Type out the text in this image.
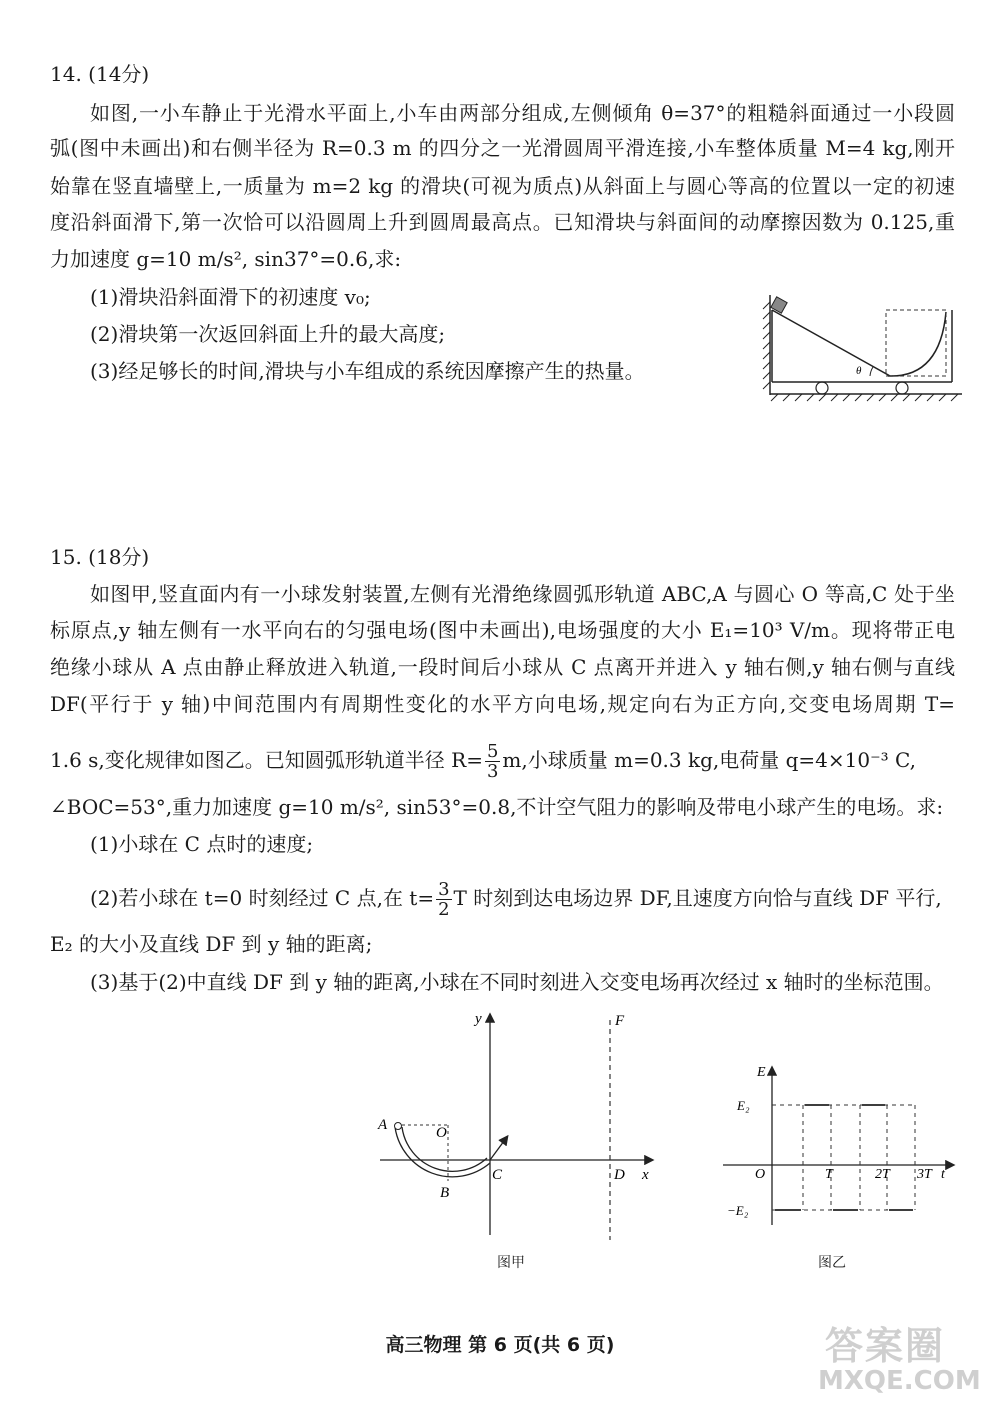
14. (14分)
如图,一小车静止于光滑水平面上,小车由两部分组成,左侧倾角 θ=37°的粗糙斜面通过一小段圆
弧(图中未画出)和右侧半径为 R=0.3 m 的四分之一光滑圆周平滑连接,小车整体质量 M=4 kg,刚开
始靠在竖直墙壁上,一质量为 m=2 kg 的滑块(可视为质点)从斜面上与圆心等高的位置以一定的初速
度沿斜面滑下,第一次恰可以沿圆周上升到圆周最高点。已知滑块与斜面间的动摩擦因数为 0.125,重
力加速度 g=10 m/s², sin37°=0.6,求:
(1)滑块沿斜面滑下的初速度 v₀;
(2)滑块第一次返回斜面上升的最大高度;
(3)经足够长的时间,滑块与小车组成的系统因摩擦产生的热量。	θ
15. (18分)
如图甲,竖直面内有一小球发射装置,左侧有光滑绝缘圆弧形轨道 ABC,A 与圆心 O 等高,C 处于坐
标原点,y 轴左侧有一水平向右的匀强电场(图中未画出),电场强度的大小 E₁=10³ V/m。现将带正电
绝缘小球从 A 点由静止释放进入轨道,一段时间后小球从 C 点离开并进入 y 轴右侧,y 轴右侧与直线
DF(平行于 y 轴)中间范围内有周期性变化的水平方向电场,规定向右为正方向,交变电场周期 T=
1.6 s,变化规律如图乙。已知圆弧形轨道半径 $R= \frac{5}{3} m$,小球质量 m=0.3 kg,电荷量 q=4×10⁻³ C,
∠BOC=53°,重力加速度 g=10 m/s², sin53°=0.8,不计空气阻力的影响及带电小球产生的电场。求:
(1)小球在 C 点时的速度;
(2)若小球在 t=0 时刻经过 C 点,在 $t= \frac{3}{2}$ T 时刻到达电场边界 DF,且速度方向恰与直线 DF 平行,
E₂ 的大小及直线 DF 到 y 轴的距离;
(3)基于(2)中直线 DF 到 y 轴的距离,小球在不同时刻进入交变电场再次经过 x 轴时的坐标范围。
y	F
A	O
B
C	D x
图甲
E
E₂
−E₂
O	T	2T 3T t
图乙
高三物理 第 6 页(共 6 页)	答案圈
MXQE.COM
